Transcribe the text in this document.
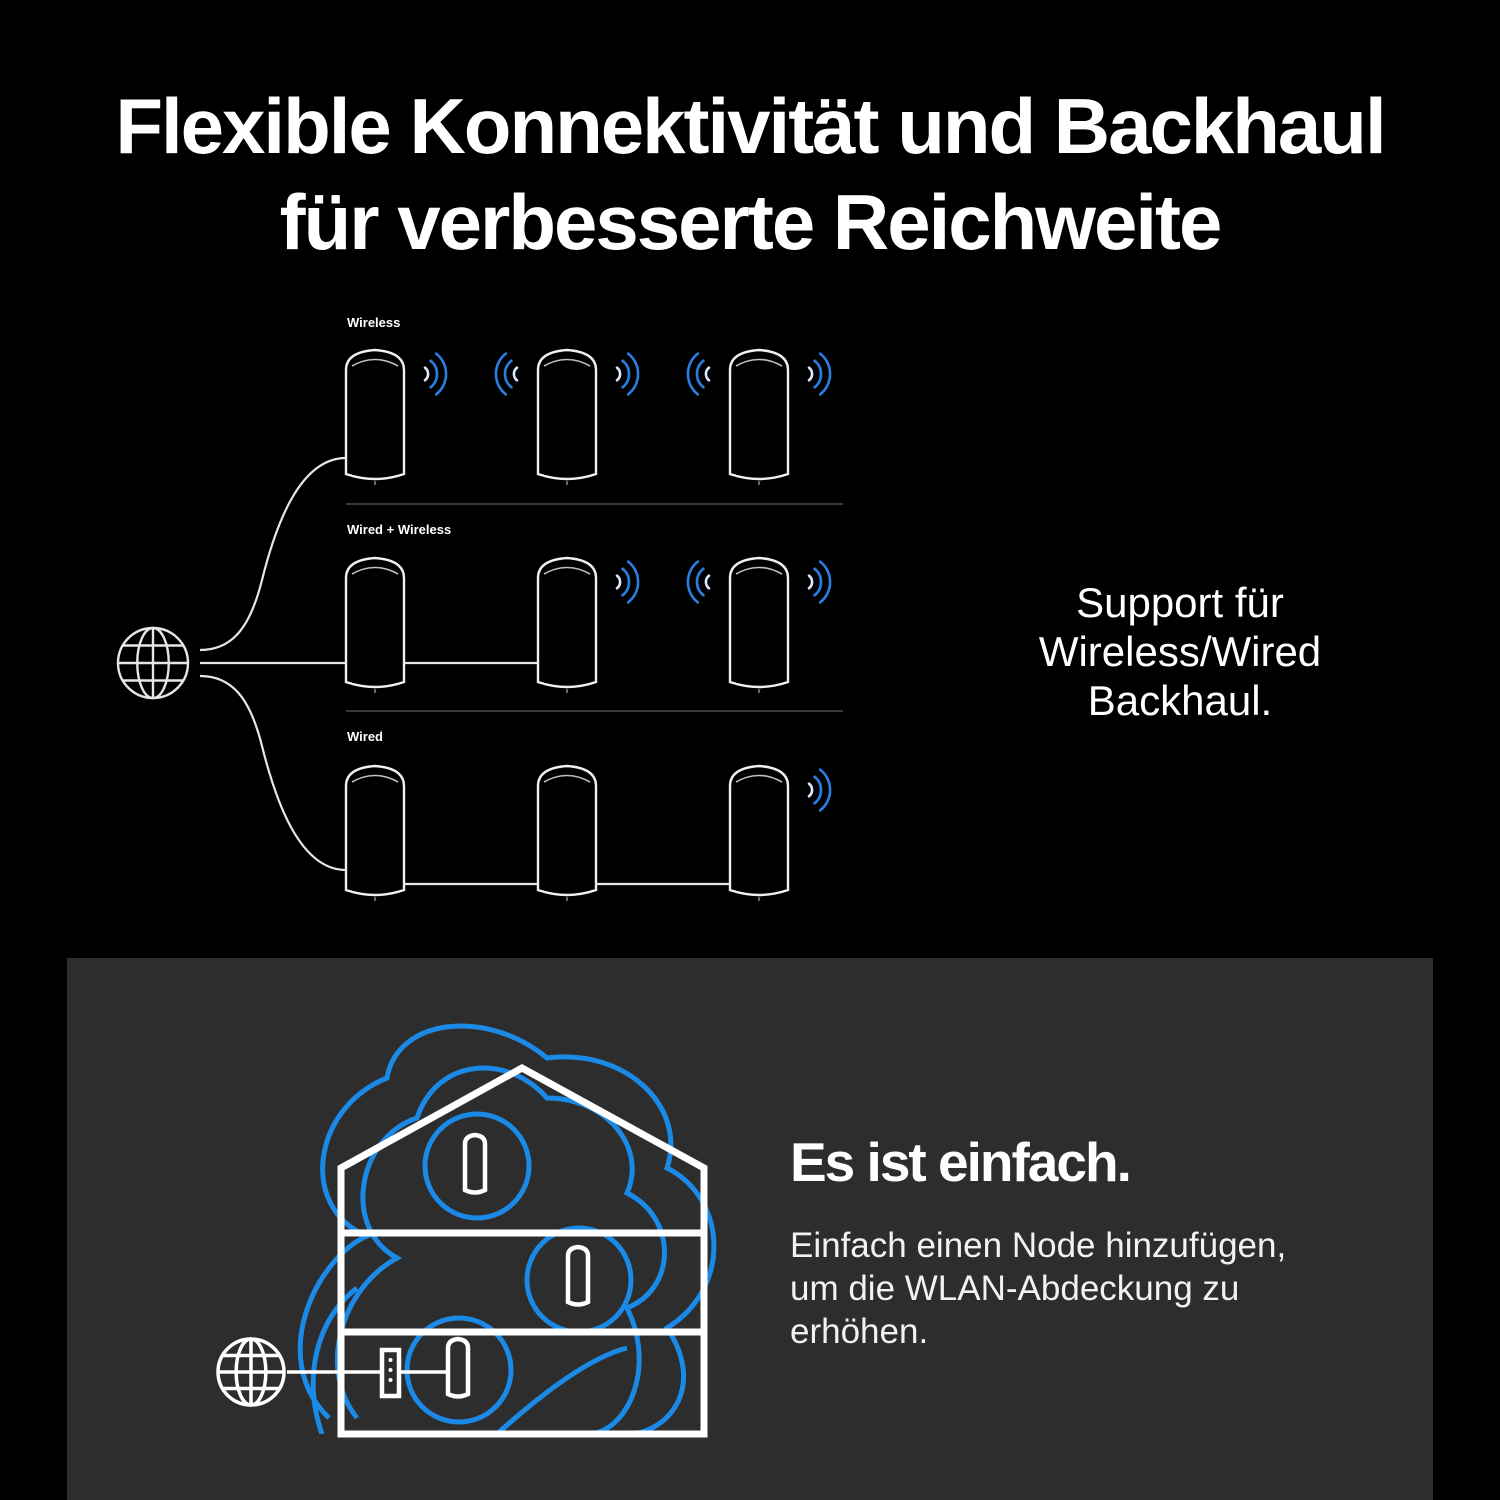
Flexible Konnektivität und Backhaul
für verbesserte Reichweite
Wireless
Wired + Wireless
Wired
Support für
Wireless/Wired
Backhaul.
Es ist einfach.

Einfach einen Node hinzufügen,
um die WLAN-Abdeckung zu
erhöhen.
